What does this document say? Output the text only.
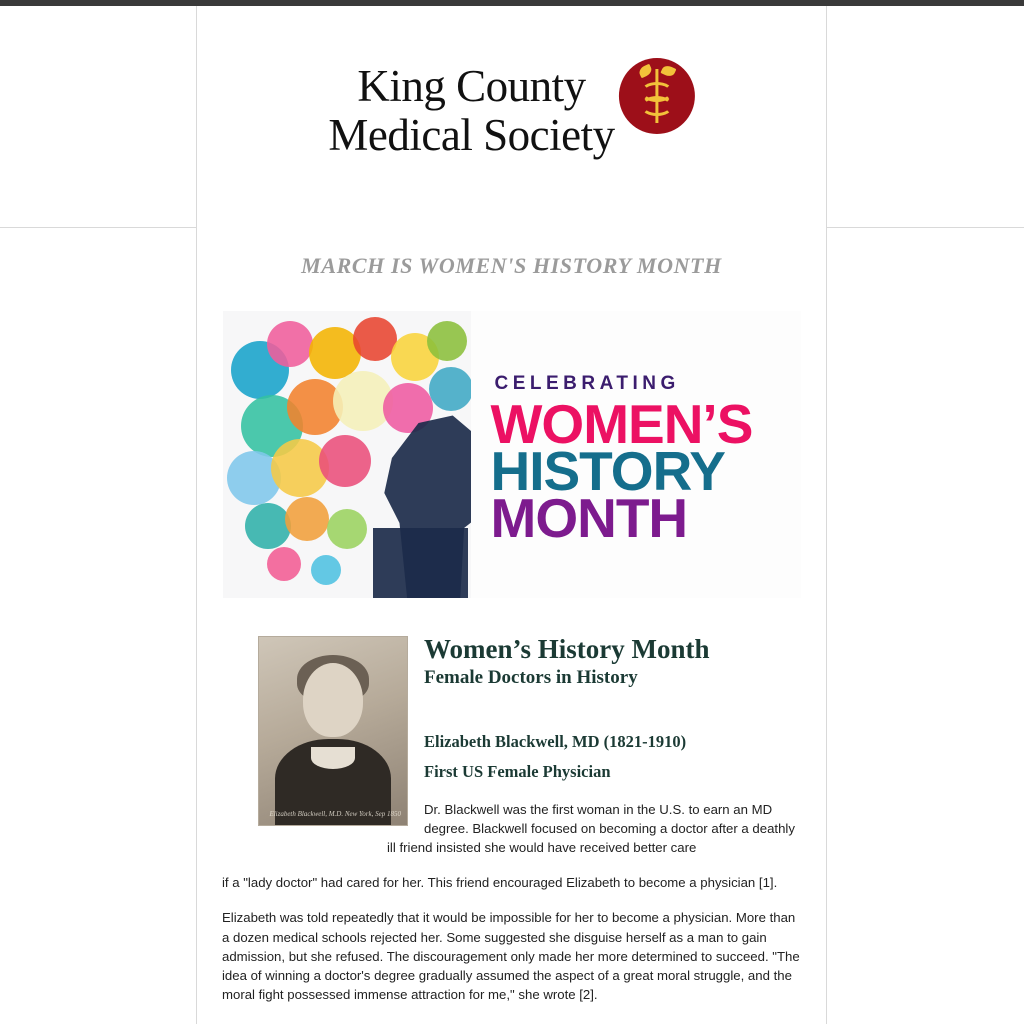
King County
Medical Society
MARCH IS WOMEN'S HISTORY MONTH
CELEBRATING
WOMEN’S
HISTORY
MONTH
Elizabeth Blackwell, M.D. New York, Sep 1850
Women’s History Month
Female Doctors in History
Elizabeth Blackwell, MD (1821-1910)
First US Female Physician

Dr. Blackwell was the first woman in the U.S. to earn an MD degree. Blackwell focused on becoming a doctor after a deathly ill friend insisted she would have received better care

if a "lady doctor" had cared for her. This friend encouraged Elizabeth to become a physician [1].

Elizabeth was told repeatedly that it would be impossible for her to become a physician. More than a dozen medical schools rejected her. Some suggested she disguise herself as a man to gain admission, but she refused. The discouragement only made her more determined to succeed. "The idea of winning a doctor's degree gradually assumed the aspect of a great moral struggle, and the moral fight possessed immense attraction for me," she wrote [2].
